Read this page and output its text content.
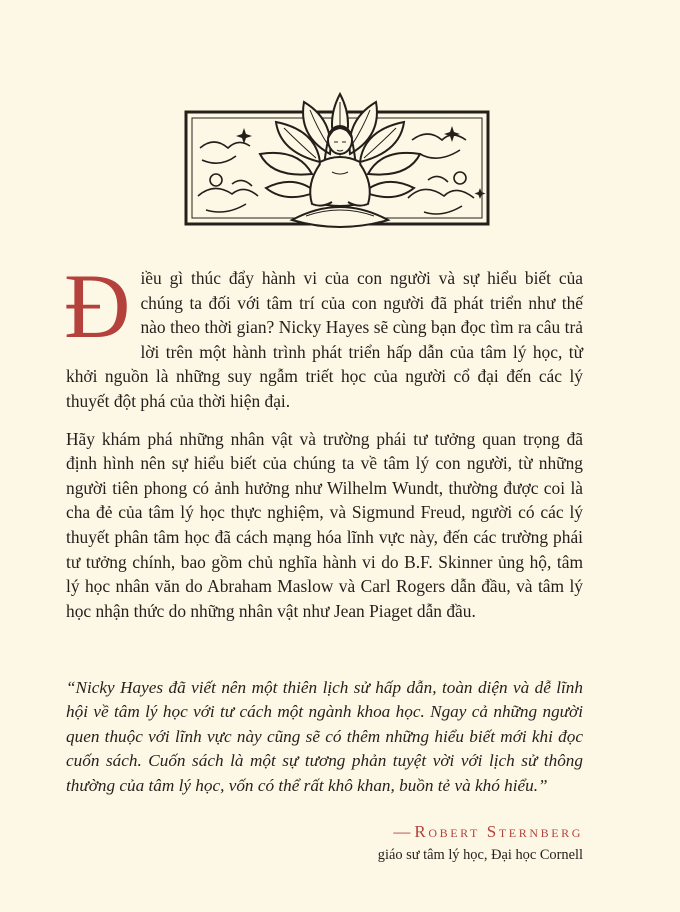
Điều gì thúc đẩy hành vi của con người và sự hiểu biết của chúng ta đối với tâm trí của con người đã phát triển như thế nào theo thời gian? Nicky Hayes sẽ cùng bạn đọc tìm ra câu trả lời trên một hành trình phát triển hấp dẫn của tâm lý học, từ khởi nguồn là những suy ngẫm triết học của người cổ đại đến các lý thuyết đột phá của thời hiện đại.

Hãy khám phá những nhân vật và trường phái tư tưởng quan trọng đã định hình nên sự hiểu biết của chúng ta về tâm lý con người, từ những người tiên phong có ảnh hưởng như Wilhelm Wundt, thường được coi là cha đẻ của tâm lý học thực nghiệm, và Sigmund Freud, người có các lý thuyết phân tâm học đã cách mạng hóa lĩnh vực này, đến các trường phái tư tưởng chính, bao gồm chủ nghĩa hành vi do B.F. Skinner ủng hộ, tâm lý học nhân văn do Abraham Maslow và Carl Rogers dẫn đầu, và tâm lý học nhận thức do những nhân vật như Jean Piaget dẫn đầu.

“Nicky Hayes đã viết nên một thiên lịch sử hấp dẫn, toàn diện và dễ lĩnh hội về tâm lý học với tư cách một ngành khoa học. Ngay cả những người quen thuộc với lĩnh vực này cũng sẽ có thêm những hiểu biết mới khi đọc cuốn sách. Cuốn sách là một sự tương phản tuyệt vời với lịch sử thông thường của tâm lý học, vốn có thể rất khô khan, buồn tẻ và khó hiểu.”

— Robert Sternberg
giáo sư tâm lý học, Đại học Cornell
